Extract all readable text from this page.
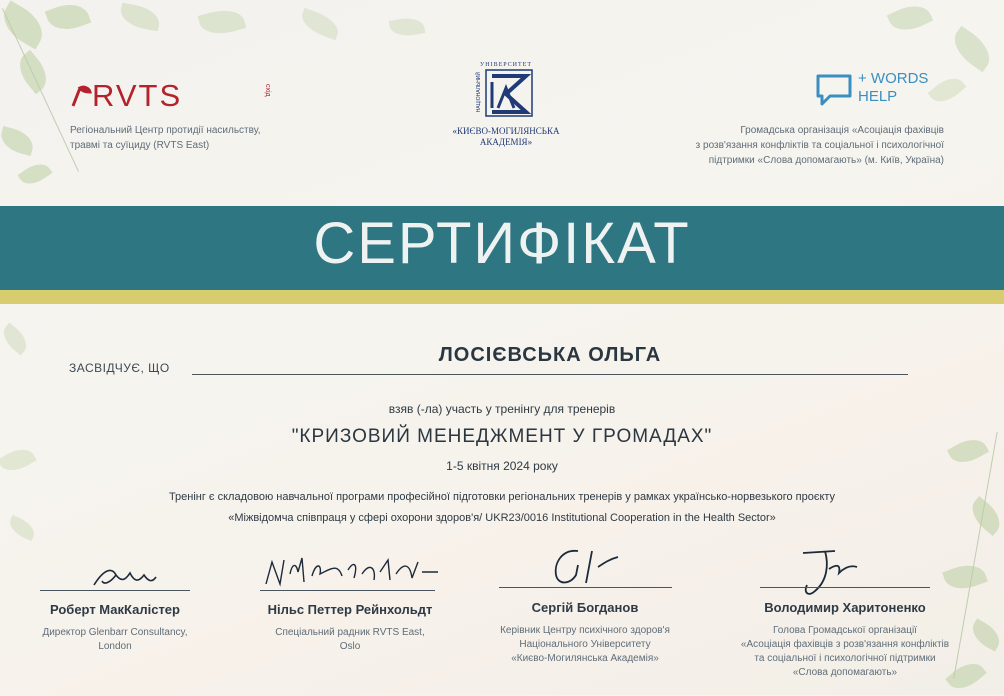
RVTS	схід
Регіональний Центр протидії насильству,
травмі та суїциду (RVTS East)
УНІВЕРСИТЕТ
НАЦІОНАЛЬНИЙ
«КИЄВО-МОГИЛЯНСЬКА
АКАДЕМІЯ»
+ WORDS
HELP
Громадська організація «Асоціація фахівців
з розв'язання конфліктів та соціальної і психологічної
підтримки «Слова допомагають» (м. Київ, Україна)
СЕРТИФІКАТ
ЗАСВІДЧУЄ, ЩО
ЛОСІЄВСЬКА ОЛЬГА
взяв (-ла) участь у тренінгу для тренерів
"КРИЗОВИЙ МЕНЕДЖМЕНТ У ГРОМАДАХ"
1-5 квітня 2024 року
Тренінг є складовою навчальної програми професійної підготовки регіональних тренерів у рамках українсько-норвезького проєкту
«Міжвідомча співпраця у сфері охорони здоров'я/ UKR23/0016 Institutional Cooperation in the Health Sector»
Роберт МакКалістер
Директор Glenbarr Consultancy,
London
Нільс Петтер Рейнхольдт
Спеціальний радник RVTS East,
Oslo
Сергій Богданов
Керівник Центру психічного здоров'я
Національного Університету
«Києво-Могилянська Академія»
Володимир Харитоненко
Голова Громадської організації
«Асоціація фахівців з розв'язання конфліктів
та соціальної і психологічної підтримки
«Слова допомагають»
